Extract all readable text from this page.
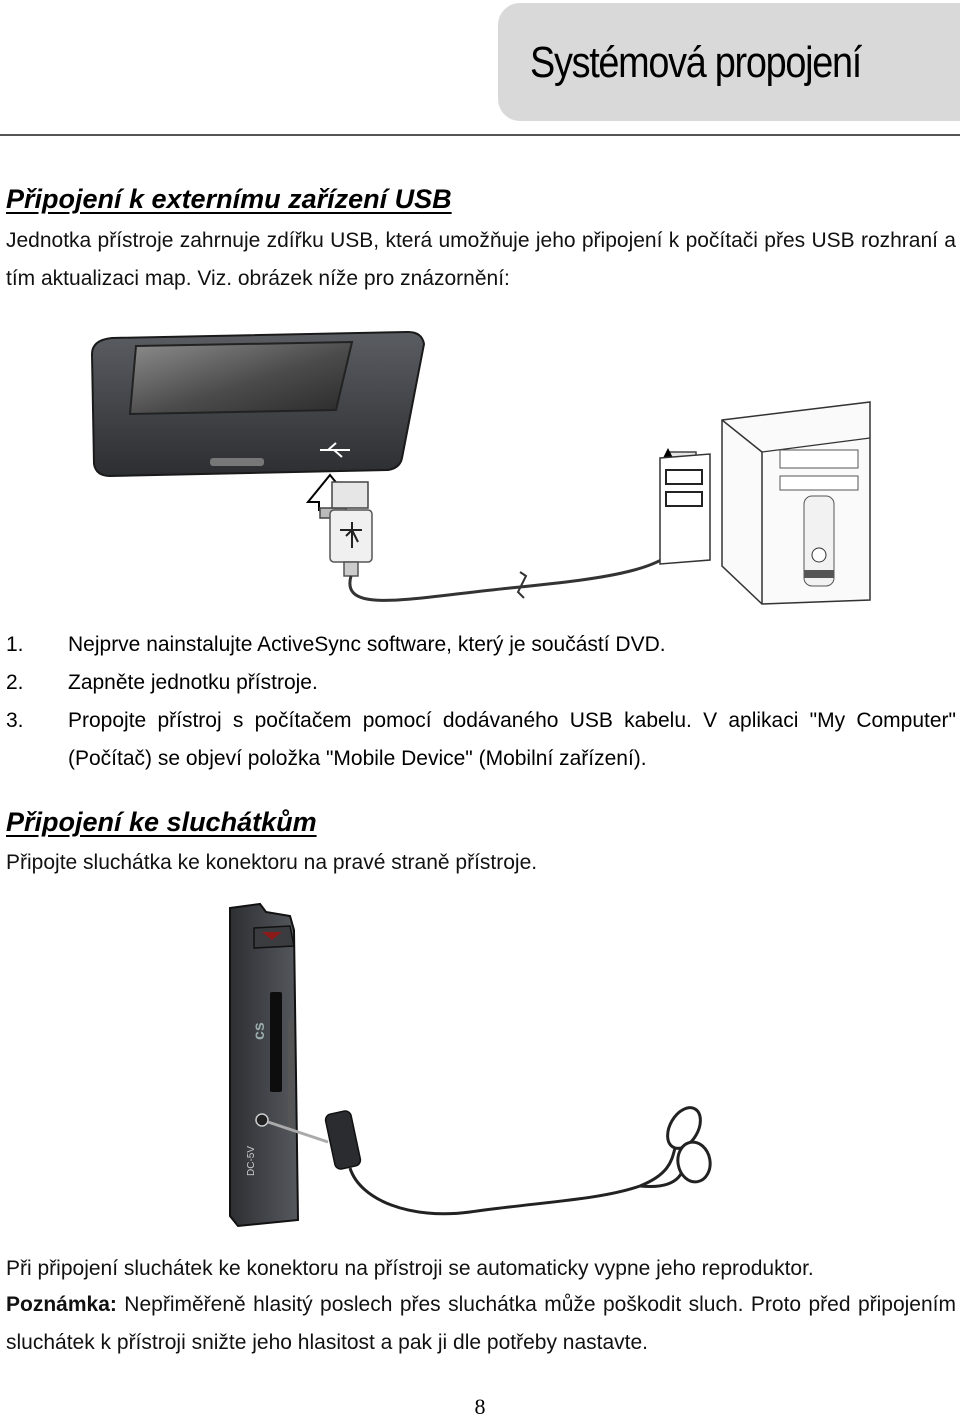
Systémová propojení
Připojení k externímu zařízení USB
Jednotka přístroje zahrnuje zdířku USB, která umožňuje jeho připojení k počítači přes USB rozhraní a tím aktualizaci map. Viz. obrázek níže pro znázornění:
1. Nejprve nainstalujte ActiveSync software, který je součástí DVD.
2. Zapněte jednotku přístroje.
3. Propojte přístroj s počítačem pomocí dodávaného USB kabelu. V aplikaci "My Computer" (Počítač) se objeví položka "Mobile Device" (Mobilní zařízení).
Připojení ke sluchátkům
Připojte sluchátka ke konektoru na pravé straně přístroje.
cs
DC-5V
Při připojení sluchátek ke konektoru na přístroji se automaticky vypne jeho reproduktor.
Poznámka: Nepřiměřeně hlasitý poslech přes sluchátka může poškodit sluch. Proto před připojením sluchátek k přístroji snižte jeho hlasitost a pak ji dle potřeby nastavte.
8
